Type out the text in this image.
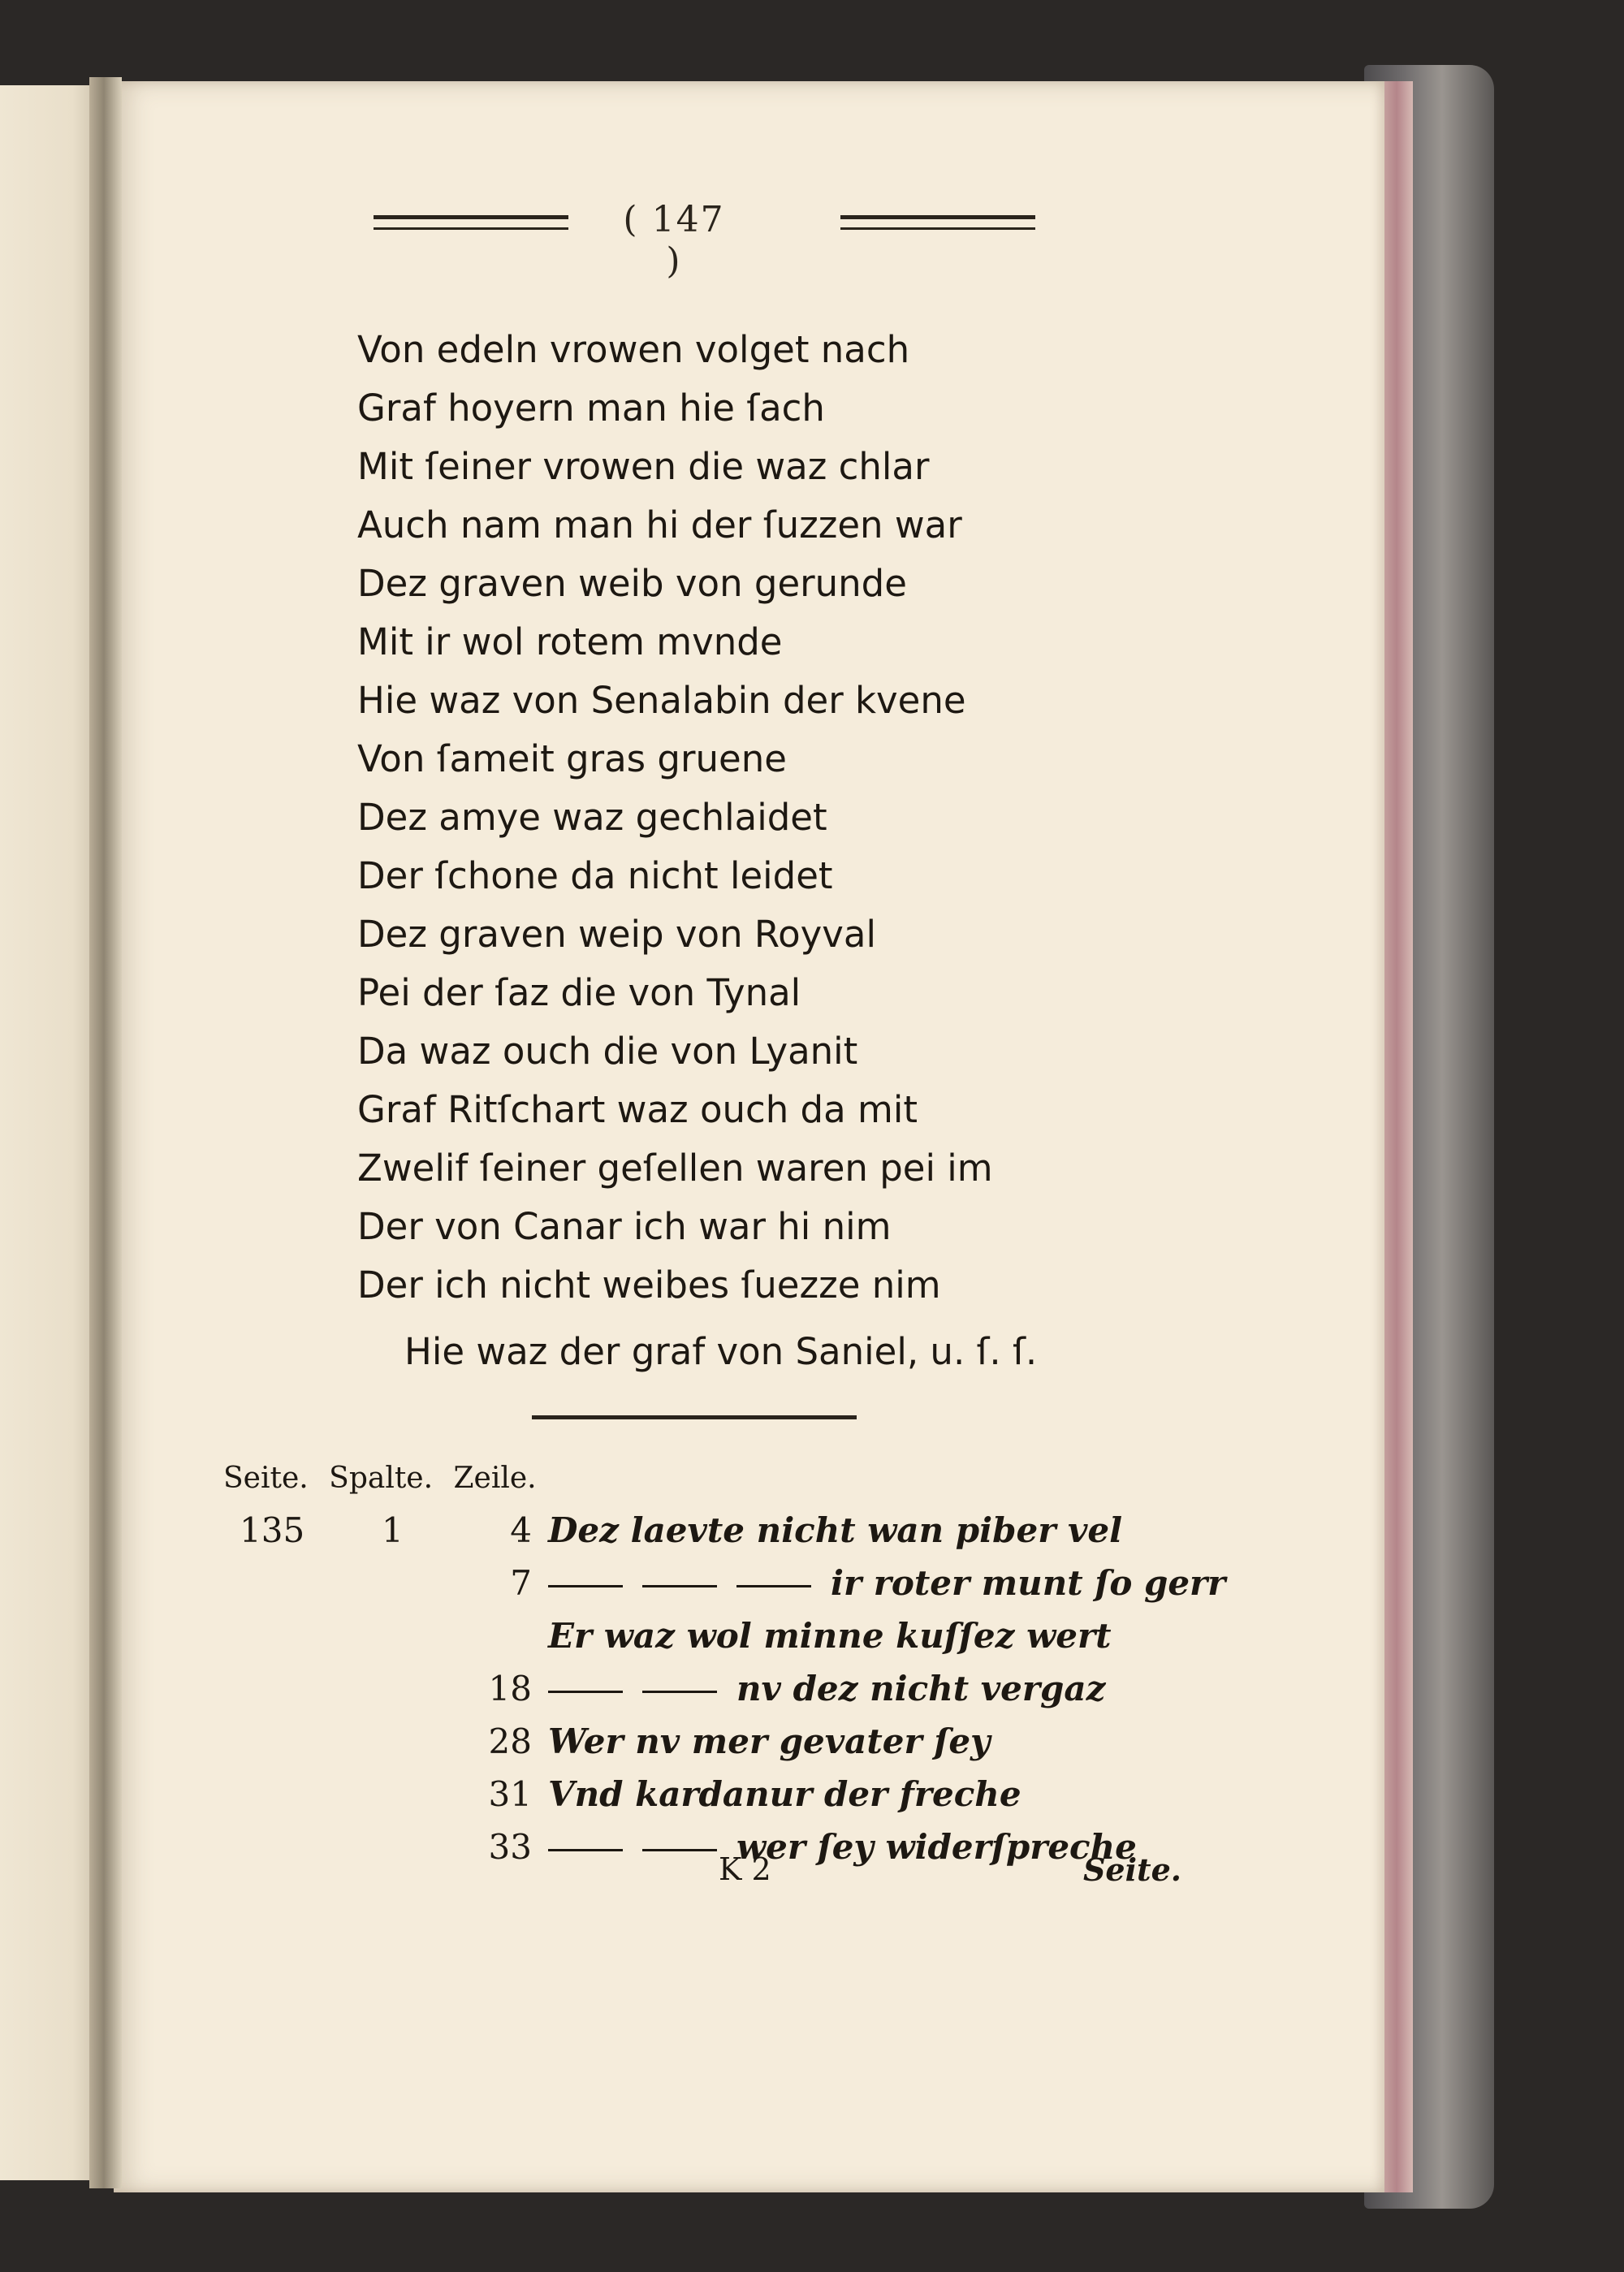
( 147 )
Von edeln vrowen volget nach
Graf hoyern man hie ſach
Mit ſeiner vrowen die waz chlar
Auch nam man hi der ſuzzen war
Dez graven weib von gerunde
Mit ir wol rotem mvnde
Hie waz von Senalabin der kvene
Von ſameit gras gruene
Dez amye waz gechlaidet
Der ſchone da nicht leidet
Dez graven weip von Royval
Pei der ſaz die von Tynal
Da waz ouch die von Lyanit
Graf Ritſchart waz ouch da mit
Zwelif ſeiner geſellen waren pei im
Der von Canar ich war hi nim
Der ich nicht weibes ſuezze nim
Hie waz der graf von Saniel, u. ſ. ſ.
Seite. Spalte. Zeile.
135 1	4 Dez laevte nicht wan piber vel
7	ir roter munt ſo gerr
Er waz wol minne kuſſez wert
18	nv dez nicht vergaz
28 Wer nv mer gevater ſey
31 Vnd kardanur der freche
33	wer ſey widerſpreche
K 2	Seite.
